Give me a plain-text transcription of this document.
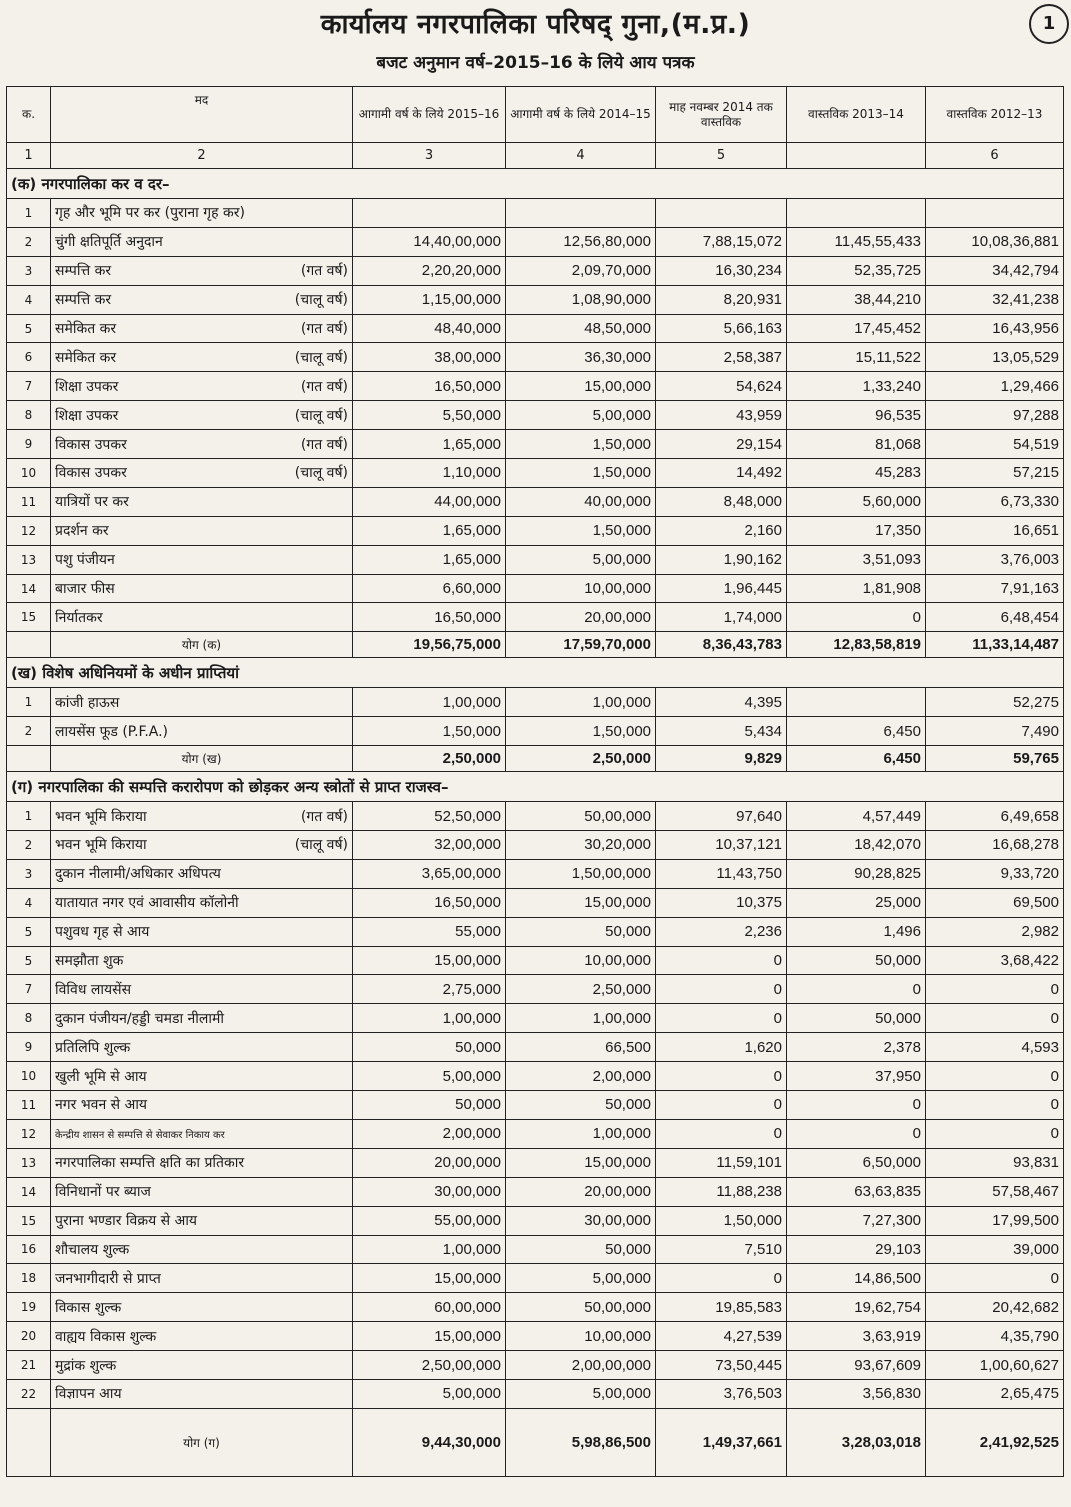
कार्यालय नगरपालिका परिषद् गुना,(म.प्र.)
बजट अनुमान वर्ष–2015–16 के लिये आय पत्रक
1
क.	मद	आगामी वर्ष के लिये 2015–16	आगामी वर्ष के लिये 2014–15	माह नवम्बर 2014 तक वास्तविक	वास्तविक 2013–14	वास्तविक 2012–13
1	2	3	4	5		6
(क) नगरपालिका कर व दर–						
1	गृह और भूमि पर कर (पुराना गृह कर)					

2	चुंगी क्षतिपूर्ति अनुदान	14,40,00,000	12,56,80,000	7,88,15,072	11,45,55,433	10,08,36,881
3	सम्पत्ति कर (गत वर्ष)	2,20,20,000	2,09,70,000	16,30,234	52,35,725	34,42,794
4	सम्पत्ति कर (चालू वर्ष)	1,15,00,000	1,08,90,000	8,20,931	38,44,210	32,41,238
5	समेकित कर (गत वर्ष)	48,40,000	48,50,000	5,66,163	17,45,452	16,43,956
6	समेकित कर (चालू वर्ष)	38,00,000	36,30,000	2,58,387	15,11,522	13,05,529
7	शिक्षा उपकर (गत वर्ष)	16,50,000	15,00,000	54,624	1,33,240	1,29,466
8	शिक्षा उपकर (चालू वर्ष)	5,50,000	5,00,000	43,959	96,535	97,288
9	विकास उपकर (गत वर्ष)	1,65,000	1,50,000	29,154	81,068	54,519
10	विकास उपकर (चालू वर्ष)	1,10,000	1,50,000	14,492	45,283	57,215
11	यात्रियों पर कर	44,00,000	40,00,000	8,48,000	5,60,000	6,73,330
12	प्रदर्शन कर	1,65,000	1,50,000	2,160	17,350	16,651
13	पशु पंजीयन	1,65,000	5,00,000	1,90,162	3,51,093	3,76,003
14	बाजार फीस	6,60,000	10,00,000	1,96,445	1,81,908	7,91,163
15	निर्यातकर	16,50,000	20,00,000	1,74,000	0	6,48,454
	योग (क)	19,56,75,000	17,59,70,000	8,36,43,783	12,83,58,819	11,33,14,487
(ख) विशेष अधिनियमों के अधीन प्राप्तियां						
1	कांजी हाऊस	1,00,000	1,00,000	4,395		52,275
2	लायसेंस फूड (P.F.A.)	1,50,000	1,50,000	5,434	6,450	7,490
	योग (ख)	2,50,000	2,50,000	9,829	6,450	59,765
(ग) नगरपालिका की सम्पत्ति करारोपण को छोड़कर अन्य स्त्रोतों से प्राप्त राजस्व–						
1	भवन भूमि किराया (गत वर्ष)	52,50,000	50,00,000	97,640	4,57,449	6,49,658
2	भवन भूमि किराया (चालू वर्ष)	32,00,000	30,20,000	10,37,121	18,42,070	16,68,278
3	दुकान नीलामी/अधिकार अधिपत्य	3,65,00,000	1,50,00,000	11,43,750	90,28,825	9,33,720
4	यातायात नगर एवं आवासीय कॉलोनी	16,50,000	15,00,000	10,375	25,000	69,500
5	पशुवध गृह से आय	55,000	50,000	2,236	1,496	2,982
5	समझौता शुक	15,00,000	10,00,000	0	50,000	3,68,422
7	विविध लायसेंस	2,75,000	2,50,000	0	0	0
8	दुकान पंजीयन/हड्डी चमडा नीलामी	1,00,000	1,00,000	0	50,000	0
9	प्रतिलिपि शुल्क	50,000	66,500	1,620	2,378	4,593
10	खुली भूमि से आय	5,00,000	2,00,000	0	37,950	0
11	नगर भवन से आय	50,000	50,000	0	0	0
12	केन्द्रीय शासन से सम्पत्ति से सेवाकर निकाय कर	2,00,000	1,00,000	0	0	0
13	नगरपालिका सम्पत्ति क्षति का प्रतिकार	20,00,000	15,00,000	11,59,101	6,50,000	93,831
14	विनिधानों पर ब्याज	30,00,000	20,00,000	11,88,238	63,63,835	57,58,467
15	पुराना भण्डार विक्रय से आय	55,00,000	30,00,000	1,50,000	7,27,300	17,99,500
16	शौचालय शुल्क	1,00,000	50,000	7,510	29,103	39,000
18	जनभागीदारी से प्राप्त	15,00,000	5,00,000	0	14,86,500	0
19	विकास शुल्क	60,00,000	50,00,000	19,85,583	19,62,754	20,42,682
20	वाह्यय विकास शुल्क	15,00,000	10,00,000	4,27,539	3,63,919	4,35,790
21	मुद्रांक शुल्क	2,50,00,000	2,00,00,000	73,50,445	93,67,609	1,00,60,627
22	विज्ञापन आय	5,00,000	5,00,000	3,76,503	3,56,830	2,65,475
	योग (ग)	9,44,30,000	5,98,86,500	1,49,37,661	3,28,03,018	2,41,92,525
